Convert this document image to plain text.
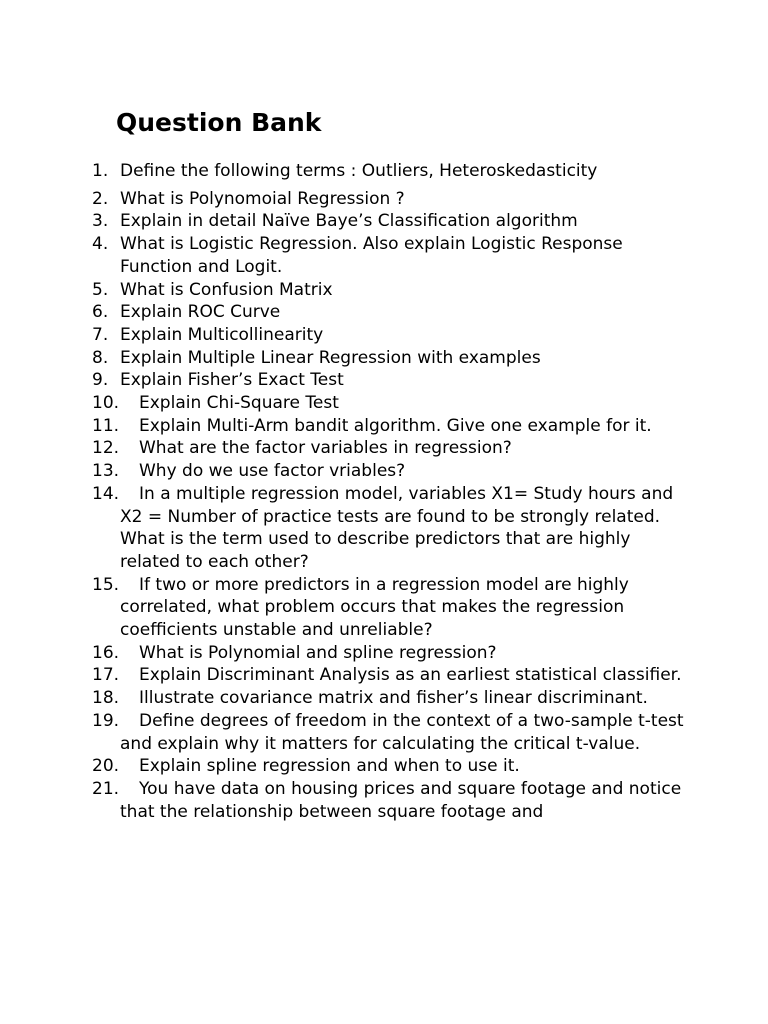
Question Bank
1. Define the following terms : Outliers, Heteroskedasticity
2. What is Polynomoial Regression ?
3. Explain in detail Naïve Baye’s Classification algorithm
4. What is Logistic Regression. Also explain Logistic Response Function and Logit.
5. What is Confusion Matrix
6. Explain ROC Curve
7. Explain Multicollinearity
8. Explain Multiple Linear Regression with examples
9. Explain Fisher’s Exact Test
10.	Explain Chi-Square Test
11.	Explain Multi-Arm bandit algorithm. Give one example for it.
12.	What are the factor variables in regression?
13.	Why do we use factor vriables?
14.	In a multiple regression model, variables X1= Study hours and X2 = Number of practice tests are found to be strongly related. What is the term used to describe predictors that are highly related to each other?
15.	If two or more predictors in a regression model are highly correlated, what problem occurs that makes the regression coefficients unstable and unreliable?
16.	What is Polynomial and spline regression?
17.	Explain Discriminant Analysis as an earliest statistical classifier.
18.	Illustrate covariance matrix and fisher’s linear discriminant.
19.	Define degrees of freedom in the context of a two-sample t-test and explain why it matters for calculating the critical t-value.
20.	Explain spline regression and when to use it.
21.	You have data on housing prices and square footage and notice that the relationship between square footage and
